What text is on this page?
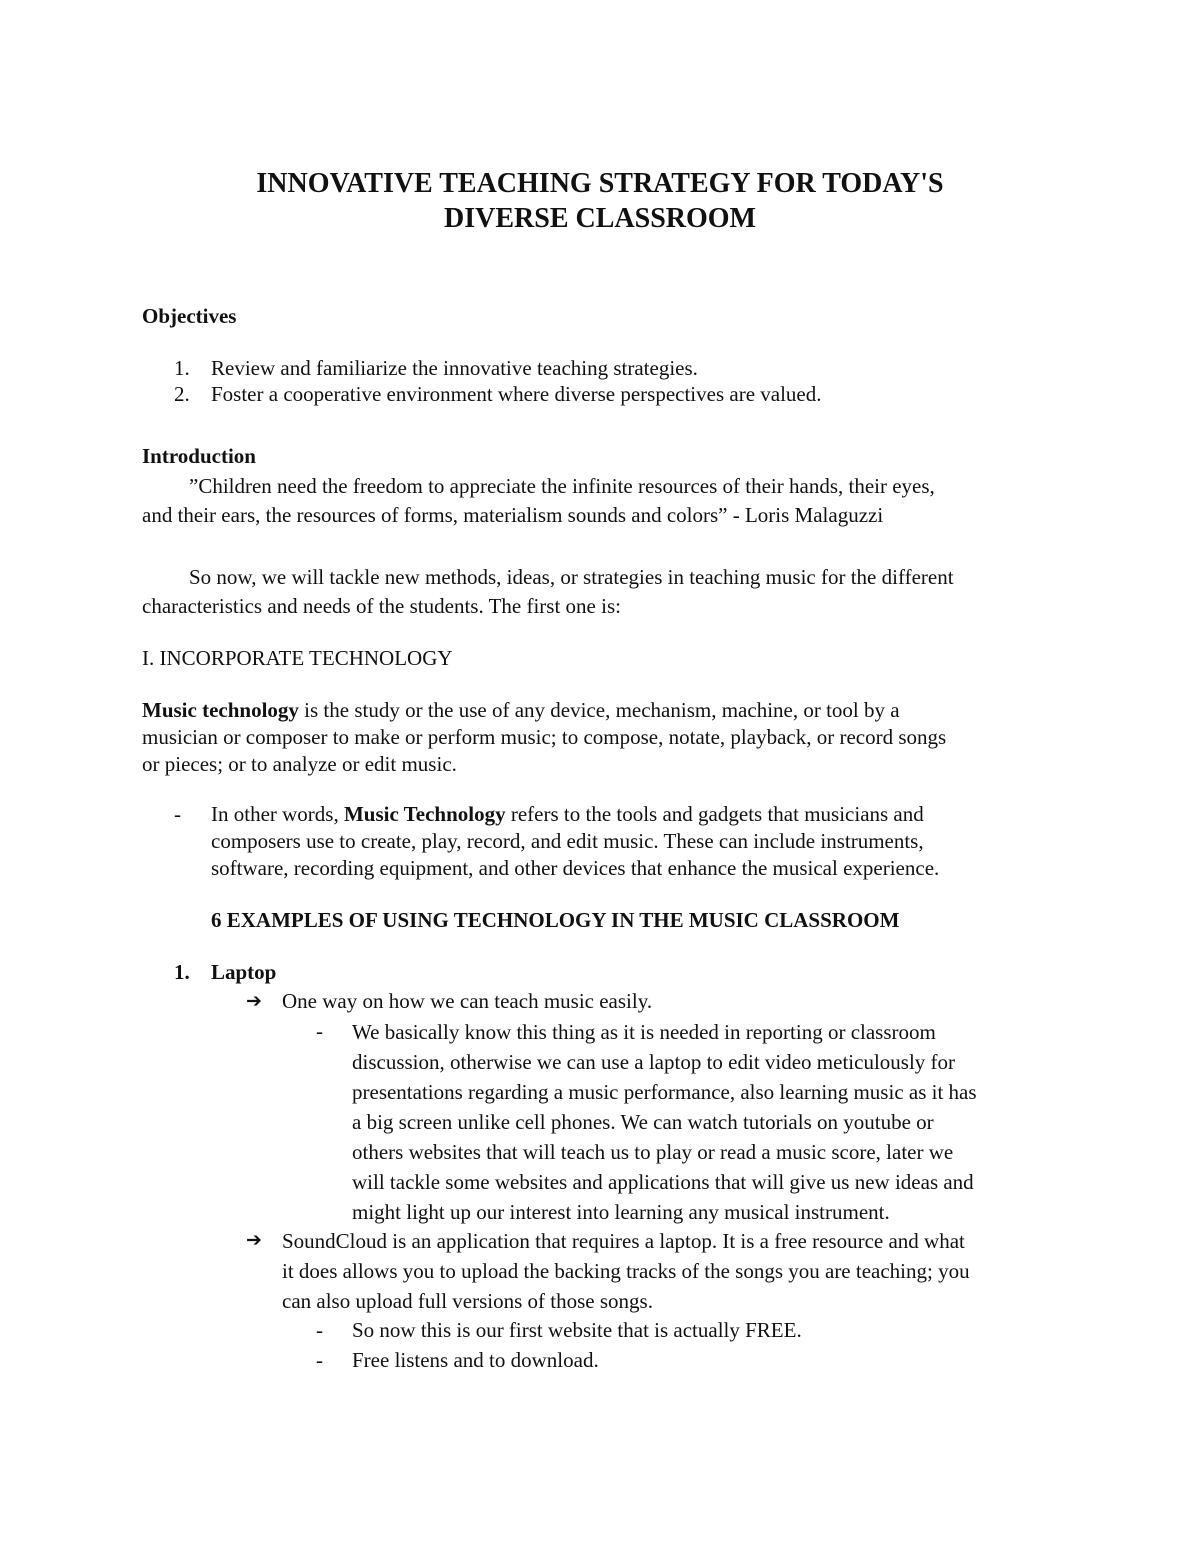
INNOVATIVE TEACHING STRATEGY FOR TODAY'S
DIVERSE CLASSROOM
Objectives
1. Review and familiarize the innovative teaching strategies.
2. Foster a cooperative environment where diverse perspectives are valued.
Introduction
”Children need the freedom to appreciate the infinite resources of their hands, their eyes,
and their ears, the resources of forms, materialism sounds and colors” - Loris Malaguzzi
So now, we will tackle new methods, ideas, or strategies in teaching music for the different
characteristics and needs of the students. The first one is:
I. INCORPORATE TECHNOLOGY
Music technology is the study or the use of any device, mechanism, machine, or tool by a
musician or composer to make or perform music; to compose, notate, playback, or record songs
or pieces; or to analyze or edit music.
- In other words, Music Technology refers to the tools and gadgets that musicians and
composers use to create, play, record, and edit music. These can include instruments,
software, recording equipment, and other devices that enhance the musical experience.
6 EXAMPLES OF USING TECHNOLOGY IN THE MUSIC CLASSROOM
1. Laptop
➔ One way on how we can teach music easily.
- We basically know this thing as it is needed in reporting or classroom
discussion, otherwise we can use a laptop to edit video meticulously for
presentations regarding a music performance, also learning music as it has
a big screen unlike cell phones. We can watch tutorials on youtube or
others websites that will teach us to play or read a music score, later we
will tackle some websites and applications that will give us new ideas and
might light up our interest into learning any musical instrument.
➔ SoundCloud is an application that requires a laptop. It is a free resource and what
it does allows you to upload the backing tracks of the songs you are teaching; you
can also upload full versions of those songs.
- So now this is our first website that is actually FREE.
- Free listens and to download.
